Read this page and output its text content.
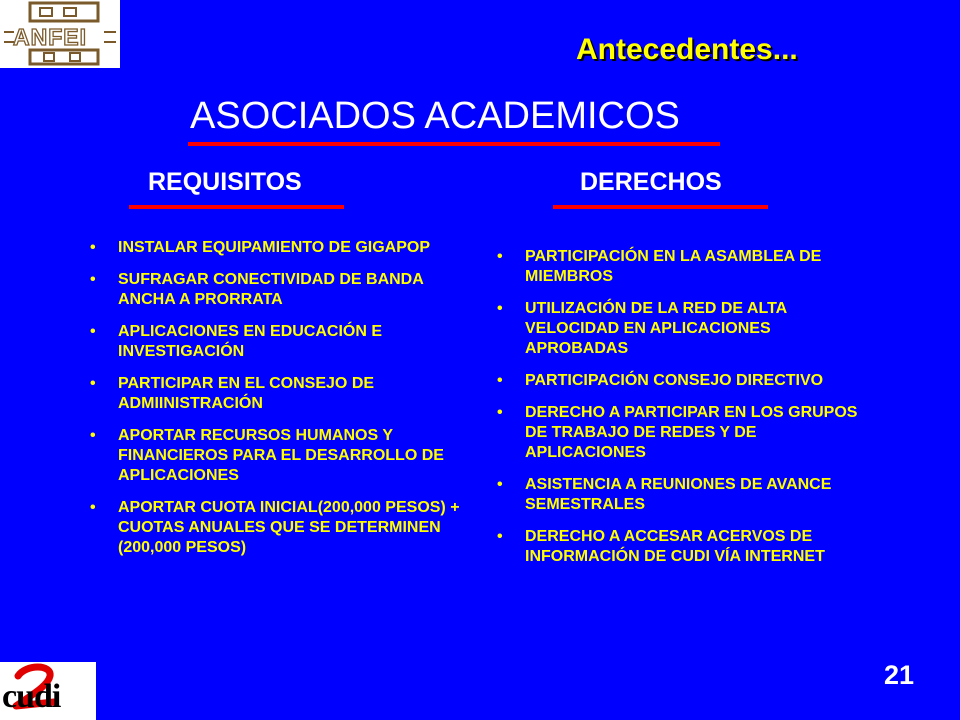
ANFEI	Antecedentes...
ASOCIADOS ACADEMICOS
REQUISITOS	DERECHOS
• INSTALAR EQUIPAMIENTO DE GIGAPOP
• SUFRAGAR CONECTIVIDAD DE BANDA ANCHA A PRORRATA
• APLICACIONES EN EDUCACIÓN E INVESTIGACIÓN
• PARTICIPAR EN EL CONSEJO DE ADMIINISTRACIÓN
• APORTAR RECURSOS HUMANOS Y FINANCIEROS PARA EL DESARROLLO DE APLICACIONES
• APORTAR CUOTA INICIAL(200,000 PESOS) + CUOTAS ANUALES QUE SE DETERMINEN (200,000 PESOS)
• PARTICIPACIÓN EN LA ASAMBLEA DE MIEMBROS
• UTILIZACIÓN DE LA RED DE ALTA VELOCIDAD EN APLICACIONES APROBADAS
• PARTICIPACIÓN CONSEJO DIRECTIVO
• DERECHO A PARTICIPAR EN LOS GRUPOS DE TRABAJO DE REDES Y DE APLICACIONES
• ASISTENCIA A REUNIONES DE AVANCE SEMESTRALES
• DERECHO A ACCESAR ACERVOS DE INFORMACIÓN DE CUDI VÍA INTERNET
cudi
21
